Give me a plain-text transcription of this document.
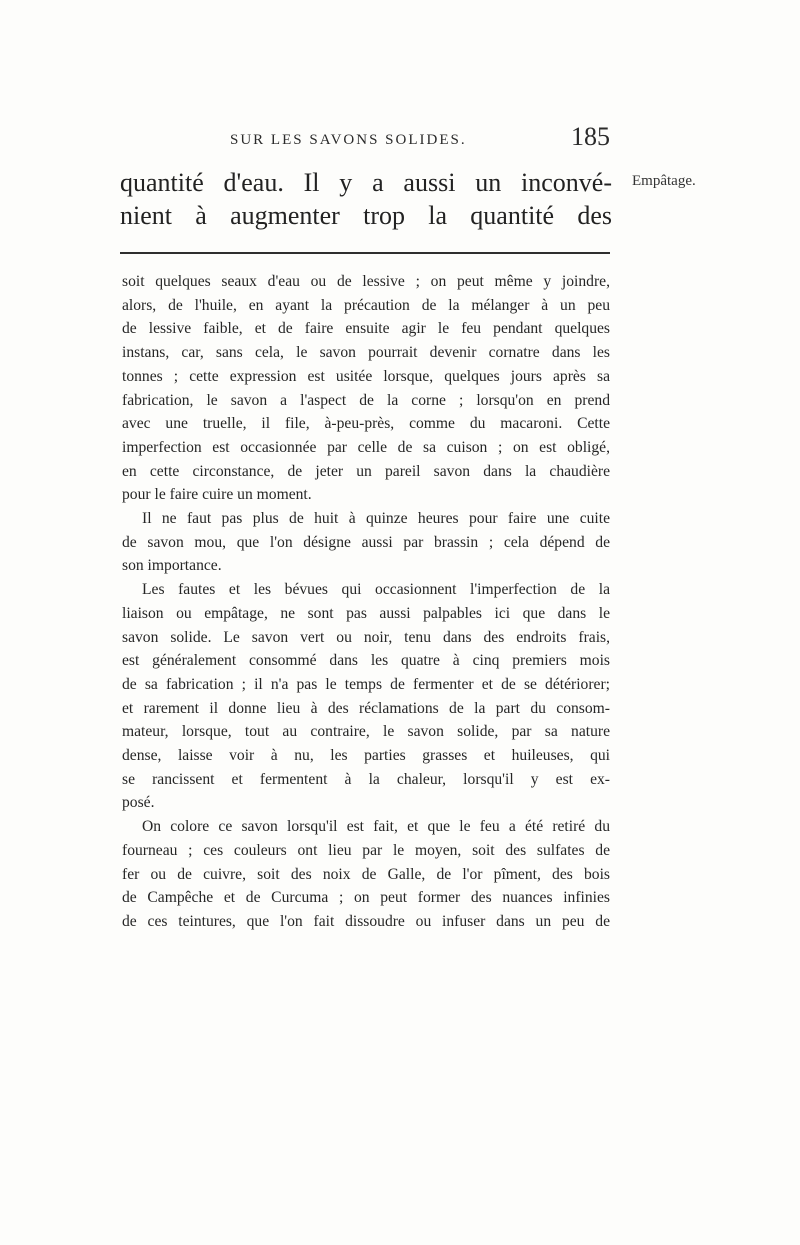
SUR LES SAVONS SOLIDES.	185
quantité d'eau. Il y a aussi un inconvé-
nient à augmenter trop la quantité des
Empâtage.
soit quelques seaux d'eau ou de lessive ; on peut même y joindre,
alors, de l'huile, en ayant la précaution de la mélanger à un peu
de lessive faible, et de faire ensuite agir le feu pendant quelques
instans, car, sans cela, le savon pourrait devenir cornatre dans les
tonnes ; cette expression est usitée lorsque, quelques jours après sa
fabrication, le savon a l'aspect de la corne ; lorsqu'on en prend
avec une truelle, il file, à-peu-près, comme du macaroni. Cette
imperfection est occasionnée par celle de sa cuison ; on est obligé,
en cette circonstance, de jeter un pareil savon dans la chaudière
pour le faire cuire un moment.
Il ne faut pas plus de huit à quinze heures pour faire une cuite
de savon mou, que l'on désigne aussi par brassin ; cela dépend de
son importance.
Les fautes et les bévues qui occasionnent l'imperfection de la
liaison ou empâtage, ne sont pas aussi palpables ici que dans le
savon solide. Le savon vert ou noir, tenu dans des endroits frais,
est généralement consommé dans les quatre à cinq premiers mois
de sa fabrication ; il n'a pas le temps de fermenter et de se détériorer;
et rarement il donne lieu à des réclamations de la part du consom-
mateur, lorsque, tout au contraire, le savon solide, par sa nature
dense, laisse voir à nu, les parties grasses et huileuses, qui
se rancissent et fermentent à la chaleur, lorsqu'il y est ex-
posé.
On colore ce savon lorsqu'il est fait, et que le feu a été retiré du
fourneau ; ces couleurs ont lieu par le moyen, soit des sulfates de
fer ou de cuivre, soit des noix de Galle, de l'or pîment, des bois
de Campêche et de Curcuma ; on peut former des nuances infinies
de ces teintures, que l'on fait dissoudre ou infuser dans un peu de
